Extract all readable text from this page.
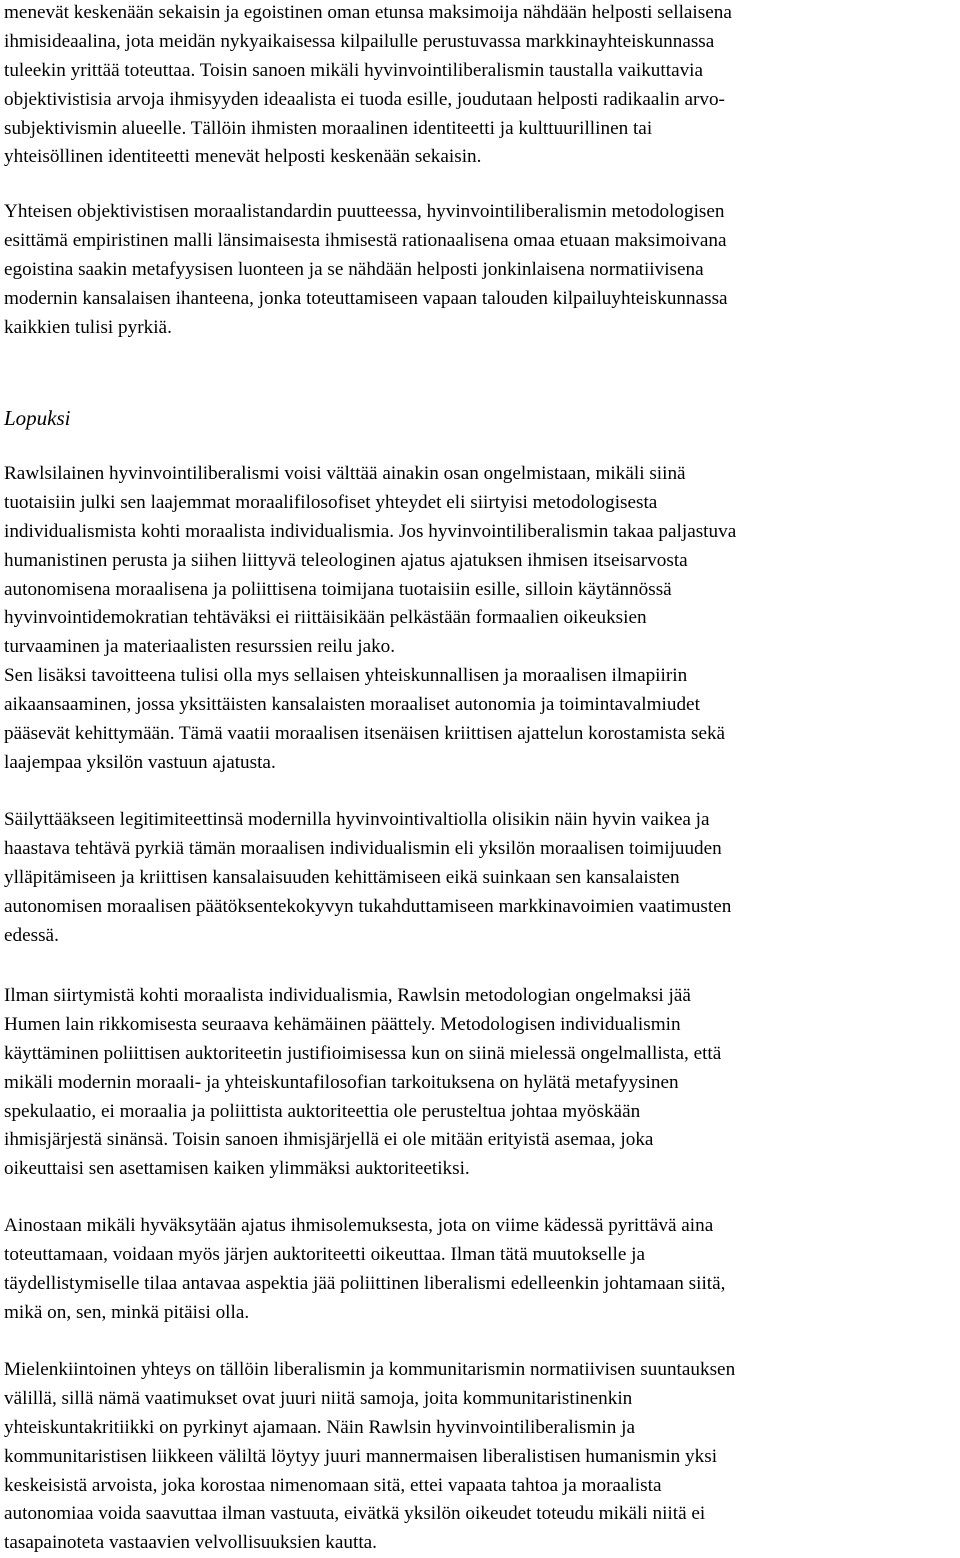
menevät keskenään sekaisin ja egoistinen oman etunsa maksimoija nähdään helposti sellaisena
ihmisideaalina, jota meidän nykyaikaisessa kilpailulle perustuvassa markkinayhteiskunnassa
tuleekin yrittää toteuttaa. Toisin sanoen mikäli hyvinvointiliberalismin taustalla vaikuttavia
objektivistisia arvoja ihmisyyden ideaalista ei tuoda esille, joudutaan helposti radikaalin arvo-
subjektivismin alueelle. Tällöin ihmisten moraalinen identiteetti ja kulttuurillinen tai
yhteisöllinen identiteetti menevät helposti keskenään sekaisin.
Yhteisen objektivistisen moraalistandardin puutteessa, hyvinvointiliberalismin metodologisen
esittämä empiristinen malli länsimaisesta ihmisestä rationaalisena omaa etuaan maksimoivana
egoistina saakin metafyysisen luonteen ja se nähdään helposti jonkinlaisena normatiivisena
modernin kansalaisen ihanteena, jonka toteuttamiseen vapaan talouden kilpailuyhteiskunnassa
kaikkien tulisi pyrkiä.
Lopuksi
Rawlsilainen hyvinvointiliberalismi voisi välttää ainakin osan ongelmistaan, mikäli siinä
tuotaisiin julki sen laajemmat moraalifilosofiset yhteydet eli siirtyisi metodologisesta
individualismista kohti moraalista individualismia. Jos hyvinvointiliberalismin takaa paljastuva
humanistinen perusta ja siihen liittyvä teleologinen ajatus ajatuksen ihmisen itseisarvosta
autonomisena moraalisena ja poliittisena toimijana tuotaisiin esille, silloin käytännössä
hyvinvointidemokratian tehtäväksi ei riittäisikään pelkästään formaalien oikeuksien
turvaaminen ja materiaalisten resurssien reilu jako.
Sen lisäksi tavoitteena tulisi olla mys sellaisen yhteiskunnallisen ja moraalisen ilmapiirin
aikaansaaminen, jossa yksittäisten kansalaisten moraaliset autonomia ja toimintavalmiudet
pääsevät kehittymään. Tämä vaatii moraalisen itsenäisen kriittisen ajattelun korostamista sekä
laajempaa yksilön vastuun ajatusta.
Säilyttääkseen legitimiteettinsä modernilla hyvinvointivaltiolla olisikin näin hyvin vaikea ja
haastava tehtävä pyrkiä tämän moraalisen individualismin eli yksilön moraalisen toimijuuden
ylläpitämiseen ja kriittisen kansalaisuuden kehittämiseen eikä suinkaan sen kansalaisten
autonomisen moraalisen päätöksentekokyvyn tukahduttamiseen markkinavoimien vaatimusten
edessä.
Ilman siirtymistä kohti moraalista individualismia, Rawlsin metodologian ongelmaksi jää
Humen lain rikkomisesta seuraava kehämäinen päättely. Metodologisen individualismin
käyttäminen poliittisen auktoriteetin justifioimisessa kun on siinä mielessä ongelmallista, että
mikäli modernin moraali- ja yhteiskuntafilosofian tarkoituksena on hylätä metafyysinen
spekulaatio, ei moraalia ja poliittista auktoriteettia ole perusteltua johtaa myöskään
ihmisjärjestä sinänsä. Toisin sanoen ihmisjärjellä ei ole mitään erityistä asemaa, joka
oikeuttaisi sen asettamisen kaiken ylimmäksi auktoriteetiksi.
Ainostaan mikäli hyväksytään ajatus ihmisolemuksesta, jota on viime kädessä pyrittävä aina
toteuttamaan, voidaan myös järjen auktoriteetti oikeuttaa. Ilman tätä muutokselle ja
täydellistymiselle tilaa antavaa aspektia jää poliittinen liberalismi edelleenkin johtamaan siitä,
mikä on, sen, minkä pitäisi olla.
Mielenkiintoinen yhteys on tällöin liberalismin ja kommunitarismin normatiivisen suuntauksen
välillä, sillä nämä vaatimukset ovat juuri niitä samoja, joita kommunitaristinenkin
yhteiskuntakritiikki on pyrkinyt ajamaan. Näin Rawlsin hyvinvointiliberalismin ja
kommunitaristisen liikkeen väliltä löytyy juuri mannermaisen liberalistisen humanismin yksi
keskeisistä arvoista, joka korostaa nimenomaan sitä, ettei vapaata tahtoa ja moraalista
autonomiaa voida saavuttaa ilman vastuuta, eivätkä yksilön oikeudet toteudu mikäli niitä ei
tasapainoteta vastaavien velvollisuuksien kautta.
